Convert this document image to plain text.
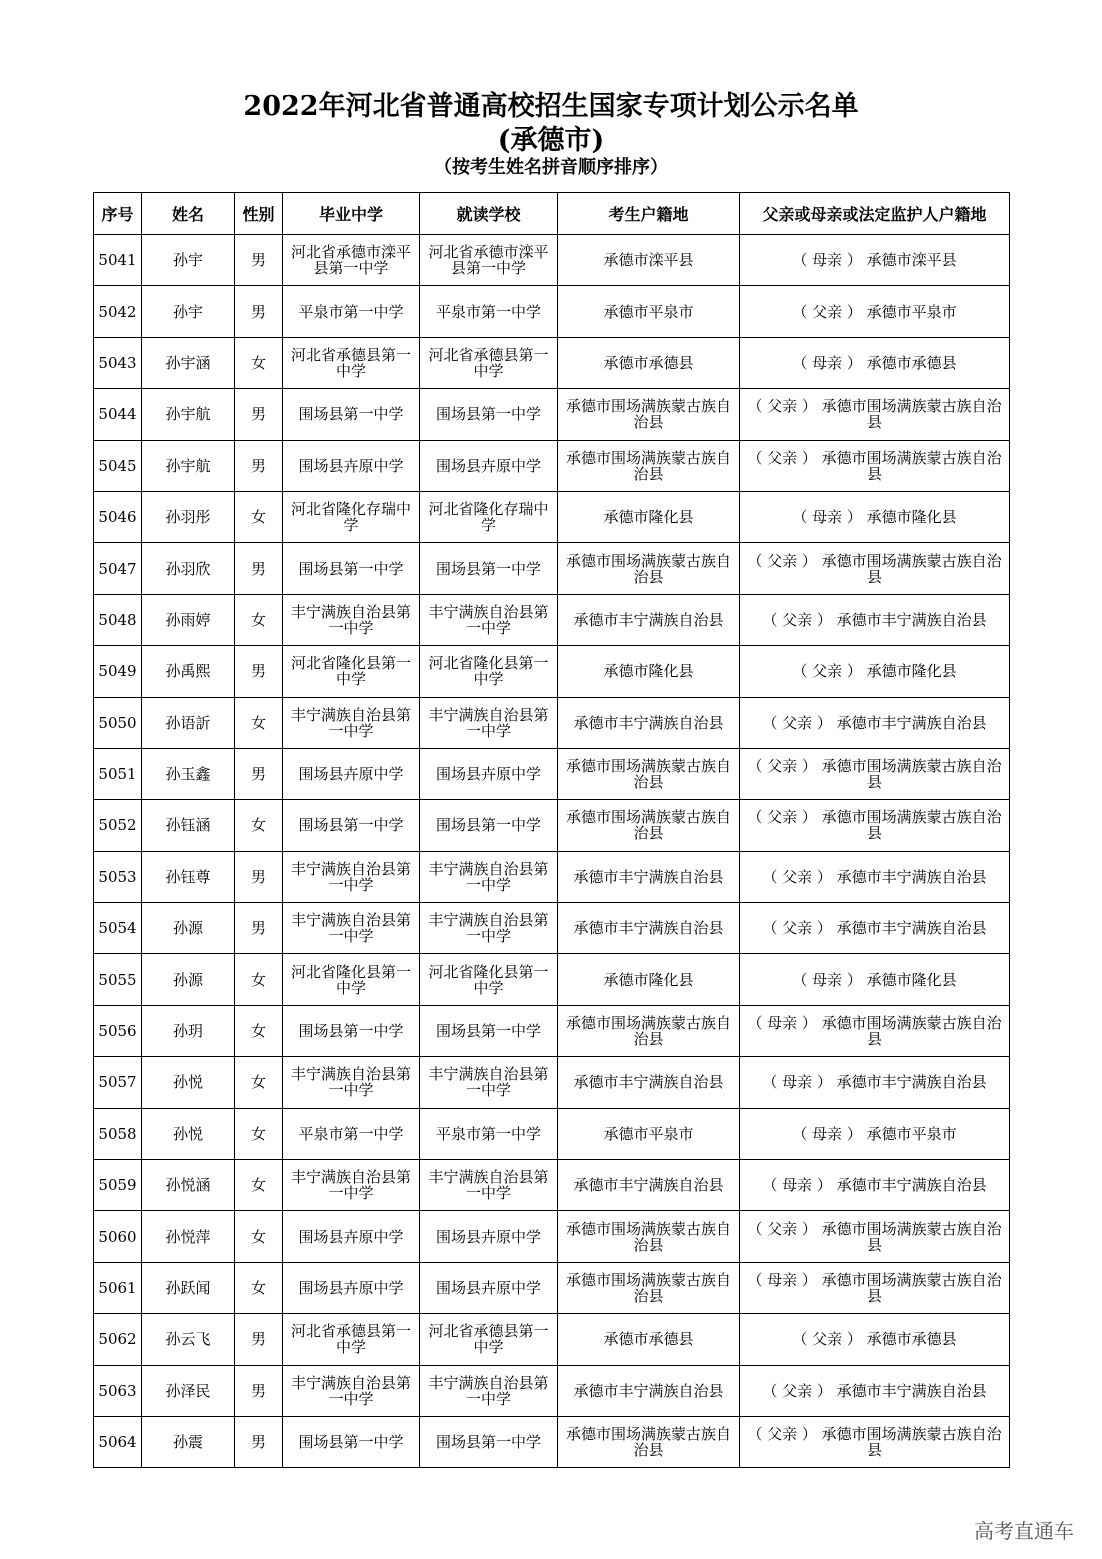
2022年河北省普通高校招生国家专项计划公示名单
(承德市)
（按考生姓名拼音顺序排序）
序号	姓名	性别	毕业中学	就读学校	考生户籍地	父亲或母亲或法定监护人户籍地
5041	孙宇	男	河北省承德市滦平县第一中学	河北省承德市滦平县第一中学	承德市滦平县	（ 母亲 ） 承德市滦平县
5042	孙宇	男	平泉市第一中学	平泉市第一中学	承德市平泉市	（ 父亲 ） 承德市平泉市
5043	孙宇涵	女	河北省承德县第一中学	河北省承德县第一中学	承德市承德县	（ 母亲 ） 承德市承德县
5044	孙宇航	男	围场县第一中学	围场县第一中学	承德市围场满族蒙古族自治县	（ 父亲 ） 承德市围场满族蒙古族自治县
5045	孙宇航	男	围场县卉原中学	围场县卉原中学	承德市围场满族蒙古族自治县	（ 父亲 ） 承德市围场满族蒙古族自治县
5046	孙羽彤	女	河北省隆化存瑞中学	河北省隆化存瑞中学	承德市隆化县	（ 母亲 ） 承德市隆化县
5047	孙羽欣	男	围场县第一中学	围场县第一中学	承德市围场满族蒙古族自治县	（ 父亲 ） 承德市围场满族蒙古族自治县
5048	孙雨婷	女	丰宁满族自治县第一中学	丰宁满族自治县第一中学	承德市丰宁满族自治县	（ 父亲 ） 承德市丰宁满族自治县
5049	孙禹熙	男	河北省隆化县第一中学	河北省隆化县第一中学	承德市隆化县	（ 父亲 ） 承德市隆化县
5050	孙语訢	女	丰宁满族自治县第一中学	丰宁满族自治县第一中学	承德市丰宁满族自治县	（ 父亲 ） 承德市丰宁满族自治县
5051	孙玉鑫	男	围场县卉原中学	围场县卉原中学	承德市围场满族蒙古族自治县	（ 父亲 ） 承德市围场满族蒙古族自治县
5052	孙钰涵	女	围场县第一中学	围场县第一中学	承德市围场满族蒙古族自治县	（ 父亲 ） 承德市围场满族蒙古族自治县
5053	孙钰尊	男	丰宁满族自治县第一中学	丰宁满族自治县第一中学	承德市丰宁满族自治县	（ 父亲 ） 承德市丰宁满族自治县
5054	孙源	男	丰宁满族自治县第一中学	丰宁满族自治县第一中学	承德市丰宁满族自治县	（ 父亲 ） 承德市丰宁满族自治县
5055	孙源	女	河北省隆化县第一中学	河北省隆化县第一中学	承德市隆化县	（ 母亲 ） 承德市隆化县
5056	孙玥	女	围场县第一中学	围场县第一中学	承德市围场满族蒙古族自治县	（ 母亲 ） 承德市围场满族蒙古族自治县
5057	孙悦	女	丰宁满族自治县第一中学	丰宁满族自治县第一中学	承德市丰宁满族自治县	（ 母亲 ） 承德市丰宁满族自治县
5058	孙悦	女	平泉市第一中学	平泉市第一中学	承德市平泉市	（ 母亲 ） 承德市平泉市
5059	孙悦涵	女	丰宁满族自治县第一中学	丰宁满族自治县第一中学	承德市丰宁满族自治县	（ 母亲 ） 承德市丰宁满族自治县
5060	孙悦萍	女	围场县卉原中学	围场县卉原中学	承德市围场满族蒙古族自治县	（ 父亲 ） 承德市围场满族蒙古族自治县
5061	孙跃闻	女	围场县卉原中学	围场县卉原中学	承德市围场满族蒙古族自治县	（ 母亲 ） 承德市围场满族蒙古族自治县
5062	孙云飞	男	河北省承德县第一中学	河北省承德县第一中学	承德市承德县	（ 父亲 ） 承德市承德县
5063	孙泽民	男	丰宁满族自治县第一中学	丰宁满族自治县第一中学	承德市丰宁满族自治县	（ 父亲 ） 承德市丰宁满族自治县
5064	孙震	男	围场县第一中学	围场县第一中学	承德市围场满族蒙古族自治县	（ 父亲 ） 承德市围场满族蒙古族自治县
高考直通车
